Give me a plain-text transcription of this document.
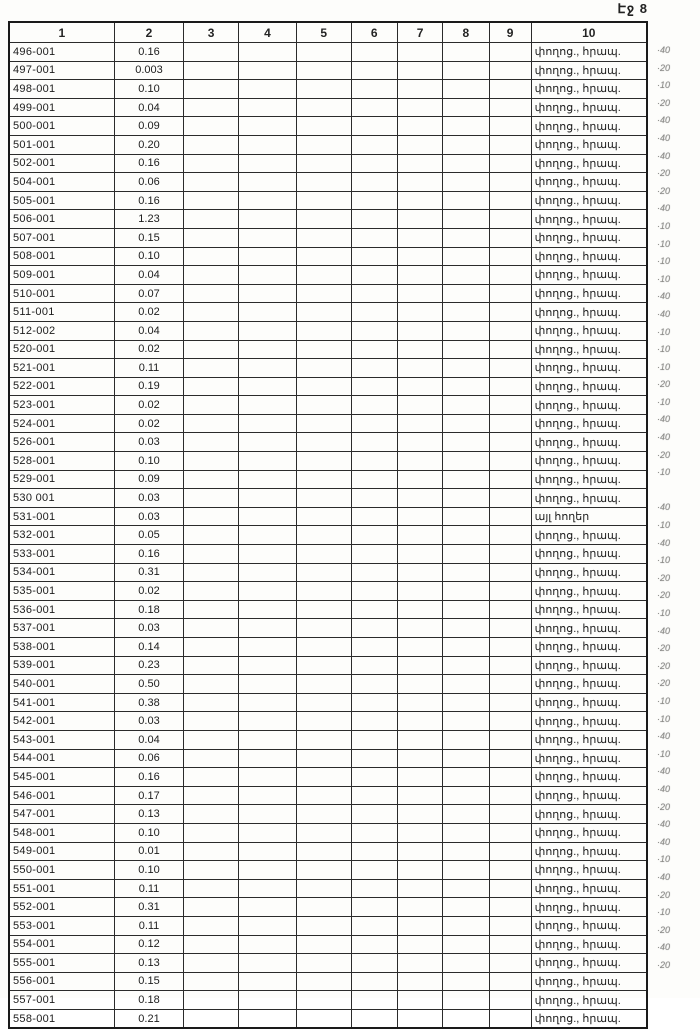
Էջ 8
1	2	3	4	5	6	7	8	9	10
496-001	0.16								փողոց., հրապ.
497-001	0.003								փողոց., հրապ.
498-001	0.10								փողոց., հրապ.
499-001	0.04								փողոց., հրապ.
500-001	0.09								փողոց., հրապ.
501-001	0.20								փողոց., հրապ.
502-001	0.16								փողոց., հրապ.
504-001	0.06								փողոց., հրապ.
505-001	0.16								փողոց., հրապ.
506-001	1.23								փողոց., հրապ.
507-001	0.15								փողոց., հրապ.
508-001	0.10								փողոց., հրապ.
509-001	0.04								փողոց., հրապ.
510-001	0.07								փողոց., հրապ.
511-001	0.02								փողոց., հրապ.
512-002	0.04								փողոց., հրապ.
520-001	0.02								փողոց., հրապ.
521-001	0.11								փողոց., հրապ.
522-001	0.19								փողոց., հրապ.
523-001	0.02								փողոց., հրապ.
524-001	0.02								փողոց., հրապ.
526-001	0.03								փողոց., հրապ.
528-001	0.10								փողոց., հրապ.
529-001	0.09								փողոց., հրապ.
530 001	0.03								փողոց., հրապ.
531-001	0.03								այլ հողեր
532-001	0.05								փողոց., հրապ.
533-001	0.16								փողոց., հրապ.
534-001	0.31								փողոց., հրապ.
535-001	0.02								փողոց., հրապ.
536-001	0.18								փողոց., հրապ.
537-001	0.03								փողոց., հրապ.
538-001	0.14								փողոց., հրապ.
539-001	0.23								փողոց., հրապ.
540-001	0.50								փողոց., հրապ.
541-001	0.38								փողոց., հրապ.
542-001	0.03								փողոց., հրապ.
543-001	0.04								փողոց., հրապ.
544-001	0.06								փողոց., հրապ.
545-001	0.16								փողոց., հրապ.
546-001	0.17								փողոց., հրապ.
547-001	0.13								փողոց., հրապ.
548-001	0.10								փողոց., հրապ.
549-001	0.01								փողոց., հրապ.
550-001	0.10								փողոց., հրապ.
551-001	0.11								փողոց., հրապ.
552-001	0.31								փողոց., հրապ.
553-001	0.11								փողոց., հրապ.
554-001	0.12								փողոց., հրապ.
555-001	0.13								փողոց., հրապ.
556-001	0.15								փողոց., հրապ.
557-001	0.18								փողոց., հրապ.
558-001	0.21								փողոց., հրապ.
·40
·20
·10
·20
·40
·40
·40
·20
·20
·40
·10
·10
·10
·10
·40
·40
·10
·10
·10
·20
·10
·40
·40
·20
·10
·40
·10
·40
·10
·20
·20
·10
·40
·20
·20
·20
·10
·10
·40
·10
·40
·40
·20
·40
·40
·10
·40
·20
·10
·20
·40
·20
